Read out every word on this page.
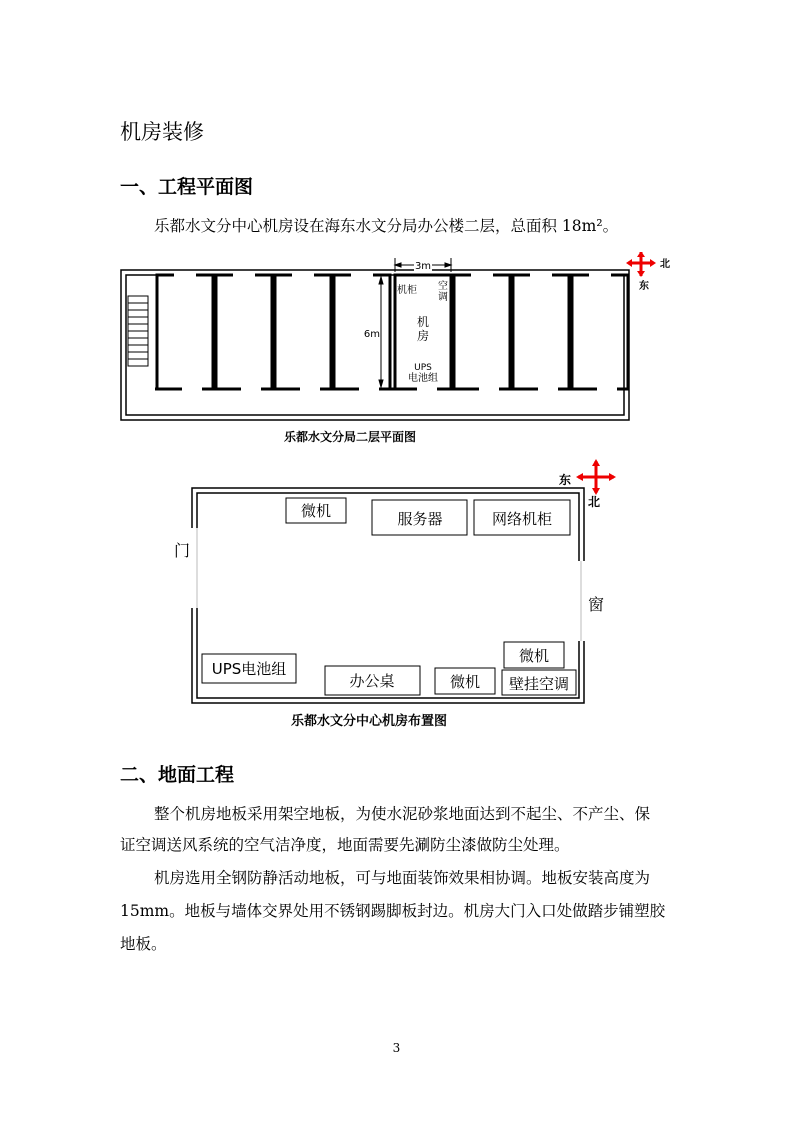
机房装修
一、工程平面图
乐都水文分中心机房设在海东水文分局办公楼二层，总面积 18m²。
3m
6m
机柜 空
调
机
房
UPS
电池组
北
东
乐都水文分局二层平面图
微机	服务器	网络机柜
UPS电池组
办公桌	微机
微机
壁挂空调
门
窗
东
北
乐都水文分中心机房布置图
二、地面工程
整个机房地板采用架空地板，为使水泥砂浆地面达到不起尘、不产尘、保
证空调送风系统的空气洁净度，地面需要先涮防尘漆做防尘处理。
机房选用全钢防静活动地板，可与地面装饰效果相协调。地板安装高度为
15mm。地板与墙体交界处用不锈钢踢脚板封边。机房大门入口处做踏步铺塑胶
地板。
3
